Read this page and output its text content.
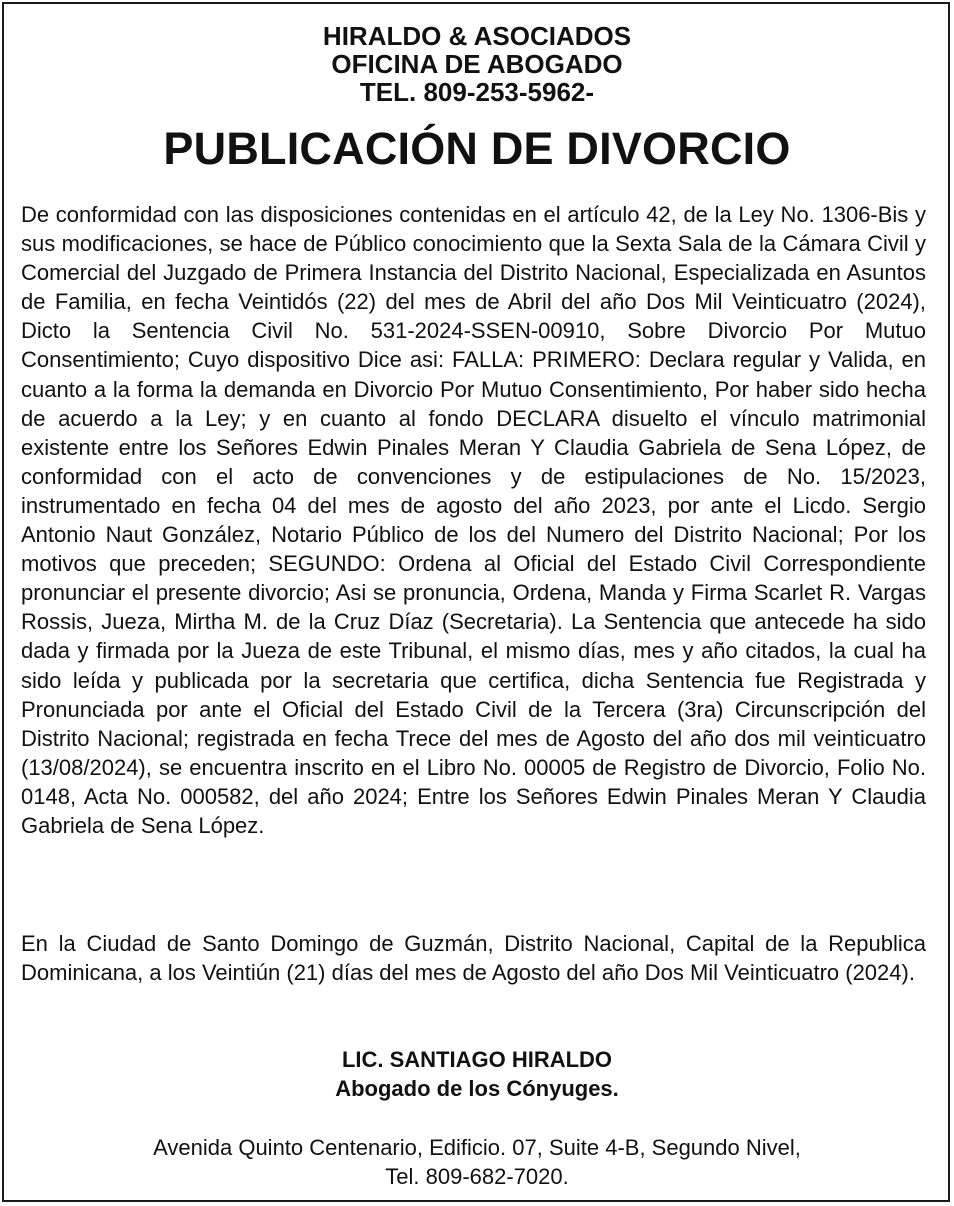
HIRALDO & ASOCIADOS
OFICINA DE ABOGADO
TEL. 809-253-5962-
PUBLICACIÓN DE DIVORCIO

De conformidad con las disposiciones contenidas en el artículo 42, de la Ley No. 1306-Bis y sus modificaciones, se hace de Público conocimiento que la Sexta Sala de la Cámara Civil y Comercial del Juzgado de Primera Instancia del Distrito Nacional, Especializada en Asuntos de Familia, en fecha Veintidós (22) del mes de Abril del año Dos Mil Veinticuatro (2024), Dicto la Sentencia Civil No. 531-2024-SSEN-00910, Sobre Divorcio Por Mutuo Consentimiento; Cuyo dispositivo Dice asi: FALLA: PRIMERO: Declara regular y Valida, en cuanto a la forma la demanda en Divorcio Por Mutuo Consentimiento, Por haber sido hecha de acuerdo a la Ley; y en cuanto al fondo DECLARA disuelto el vínculo matrimonial existente entre los Señores Edwin Pinales Meran Y Claudia Gabriela de Sena López, de conformidad con el acto de convenciones y de estipulaciones de No. 15/2023, instrumentado en fecha 04 del mes de agosto del año 2023, por ante el Licdo. Sergio Antonio Naut González, Notario Público de los del Numero del Distrito Nacional; Por los motivos que preceden; SEGUNDO: Ordena al Oficial del Estado Civil Correspondiente pronunciar el presente divorcio; Asi se pronuncia, Ordena, Manda y Firma Scarlet R. Vargas Rossis, Jueza, Mirtha M. de la Cruz Díaz (Secretaria). La Sentencia que antecede ha sido dada y firmada por la Jueza de este Tribunal, el mismo días, mes y año citados, la cual ha sido leída y publicada por la secretaria que certifica, dicha Sentencia fue Registrada y Pronunciada por ante el Oficial del Estado Civil de la Tercera (3ra) Circunscripción del Distrito Nacional; registrada en fecha Trece del mes de Agosto del año dos mil veinticuatro (13/08/2024), se encuentra inscrito en el Libro No. 00005 de Registro de Divorcio, Folio No. 0148, Acta No. 000582, del año 2024; Entre los Señores Edwin Pinales Meran Y Claudia Gabriela de Sena López.

En la Ciudad de Santo Domingo de Guzmán, Distrito Nacional, Capital de la Republica Dominicana, a los Veintiún (21) días del mes de Agosto del año Dos Mil Veinticuatro (2024).

LIC. SANTIAGO HIRALDO
Abogado de los Cónyuges.
Avenida Quinto Centenario, Edificio. 07, Suite 4-B, Segundo Nivel,
Tel. 809-682-7020.
